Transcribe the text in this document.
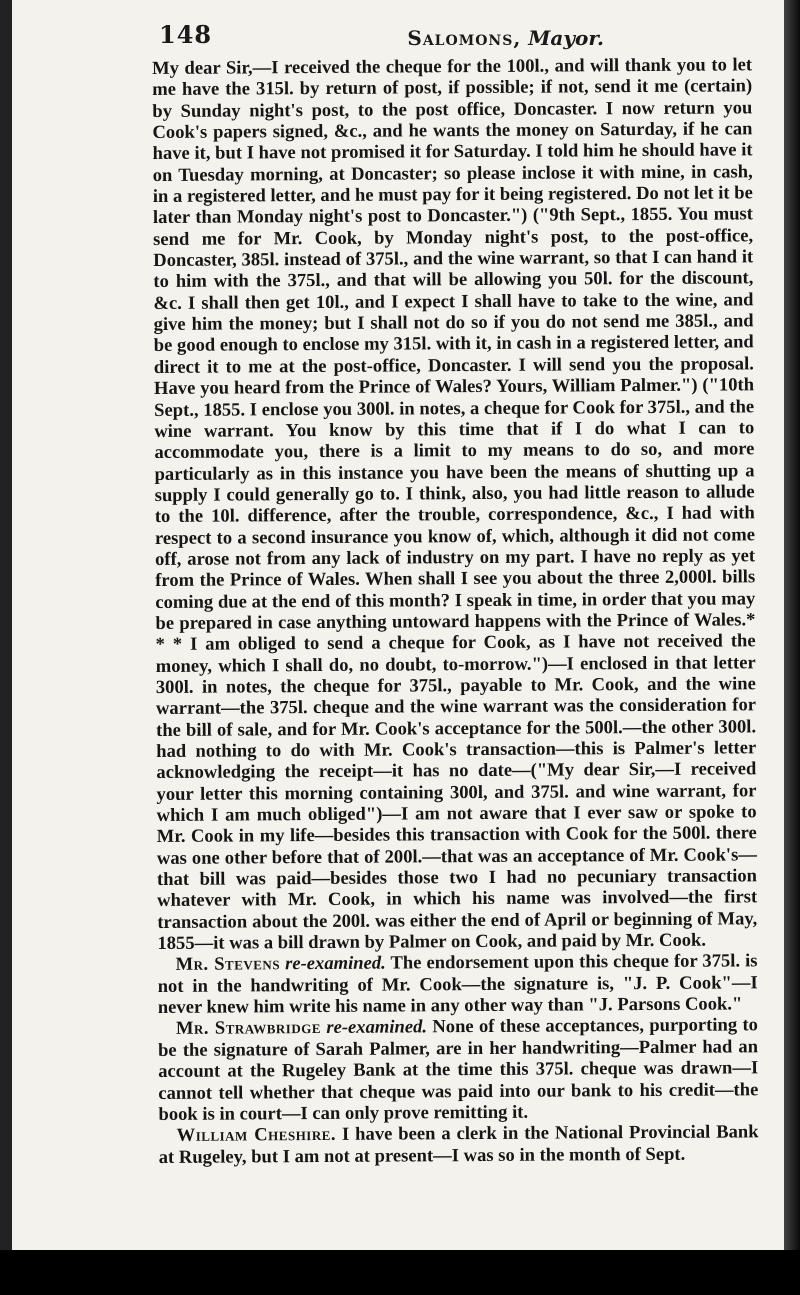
148	Salomons, Mayor.

My dear Sir,—I received the cheque for the 100l., and will thank you to let me have the 315l. by return of post, if possible; if not, send it me (certain) by Sunday night's post, to the post office, Doncaster. I now return you Cook's papers signed, &c., and he wants the money on Saturday, if he can have it, but I have not promised it for Saturday. I told him he should have it on Tuesday morning, at Doncaster; so please inclose it with mine, in cash, in a registered letter, and he must pay for it being registered. Do not let it be later than Monday night's post to Doncaster.") ("9th Sept., 1855. You must send me for Mr. Cook, by Monday night's post, to the post-office, Doncaster, 385l. instead of 375l., and the wine warrant, so that I can hand it to him with the 375l., and that will be allowing you 50l. for the discount, &c. I shall then get 10l., and I expect I shall have to take to the wine, and give him the money; but I shall not do so if you do not send me 385l., and be good enough to enclose my 315l. with it, in cash in a registered letter, and direct it to me at the post-office, Doncaster. I will send you the proposal. Have you heard from the Prince of Wales? Yours, William Palmer.") ("10th Sept., 1855. I enclose you 300l. in notes, a cheque for Cook for 375l., and the wine warrant. You know by this time that if I do what I can to accommodate you, there is a limit to my means to do so, and more particularly as in this instance you have been the means of shutting up a supply I could generally go to. I think, also, you had little reason to allude to the 10l. difference, after the trouble, correspondence, &c., I had with respect to a second insurance you know of, which, although it did not come off, arose not from any lack of industry on my part. I have no reply as yet from the Prince of Wales. When shall I see you about the three 2,000l. bills coming due at the end of this month? I speak in time, in order that you may be prepared in case anything untoward happens with the Prince of Wales.* * * I am obliged to send a cheque for Cook, as I have not received the money, which I shall do, no doubt, to-morrow.")—I enclosed in that letter 300l. in notes, the cheque for 375l., payable to Mr. Cook, and the wine warrant—the 375l. cheque and the wine warrant was the consideration for the bill of sale, and for Mr. Cook's acceptance for the 500l.—the other 300l. had nothing to do with Mr. Cook's transaction—this is Palmer's letter acknowledging the receipt—it has no date—("My dear Sir,—I received your letter this morning containing 300l, and 375l. and wine warrant, for which I am much obliged")—I am not aware that I ever saw or spoke to Mr. Cook in my life—besides this transaction with Cook for the 500l. there was one other before that of 200l.—that was an acceptance of Mr. Cook's—that bill was paid—besides those two I had no pecuniary transaction whatever with Mr. Cook, in which his name was involved—the first transaction about the 200l. was either the end of April or beginning of May, 1855—it was a bill drawn by Palmer on Cook, and paid by Mr. Cook.

Mr. Stevens re-examined. The endorsement upon this cheque for 375l. is not in the handwriting of Mr. Cook—the signature is, "J. P. Cook"—I never knew him write his name in any other way than "J. Parsons Cook."

Mr. Strawbridge re-examined. None of these acceptances, purporting to be the signature of Sarah Palmer, are in her handwriting—Palmer had an account at the Rugeley Bank at the time this 375l. cheque was drawn—I cannot tell whether that cheque was paid into our bank to his credit—the book is in court—I can only prove remitting it.

William Cheshire. I have been a clerk in the National Provincial Bank at Rugeley, but I am not at present—I was so in the month of Sept.
